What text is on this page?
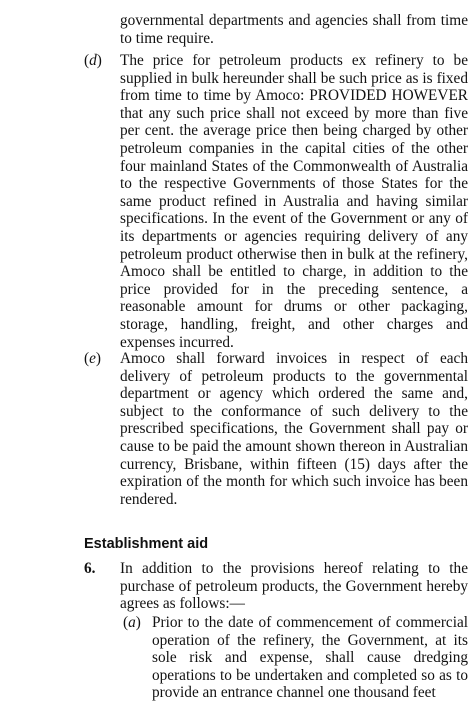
governmental departments and agencies shall from time to time require.

(d) The price for petroleum products ex refinery to be supplied in bulk hereunder shall be such price as is fixed from time to time by Amoco: PROVIDED HOWEVER that any such price shall not exceed by more than five per cent. the average price then being charged by other petroleum companies in the capital cities of the other four mainland States of the Commonwealth of Australia to the respective Governments of those States for the same product refined in Australia and having similar specifications. In the event of the Government or any of its departments or agencies requiring delivery of any petroleum product otherwise then in bulk at the refinery, Amoco shall be entitled to charge, in addition to the price provided for in the preceding sentence, a reasonable amount for drums or other packaging, storage, handling, freight, and other charges and expenses incurred.

(e) Amoco shall forward invoices in respect of each delivery of petroleum products to the governmental department or agency which ordered the same and, subject to the conformance of such delivery to the prescribed specifications, the Government shall pay or cause to be paid the amount shown thereon in Australian currency, Brisbane, within fifteen (15) days after the expiration of the month for which such invoice has been rendered.

Establishment aid
6. In addition to the provisions hereof relating to the purchase of petroleum products, the Government hereby agrees as follows:—

(a) Prior to the date of commencement of commercial operation of the refinery, the Government, at its sole risk and expense, shall cause dredging operations to be undertaken and completed so as to provide an entrance channel one thousand feet
